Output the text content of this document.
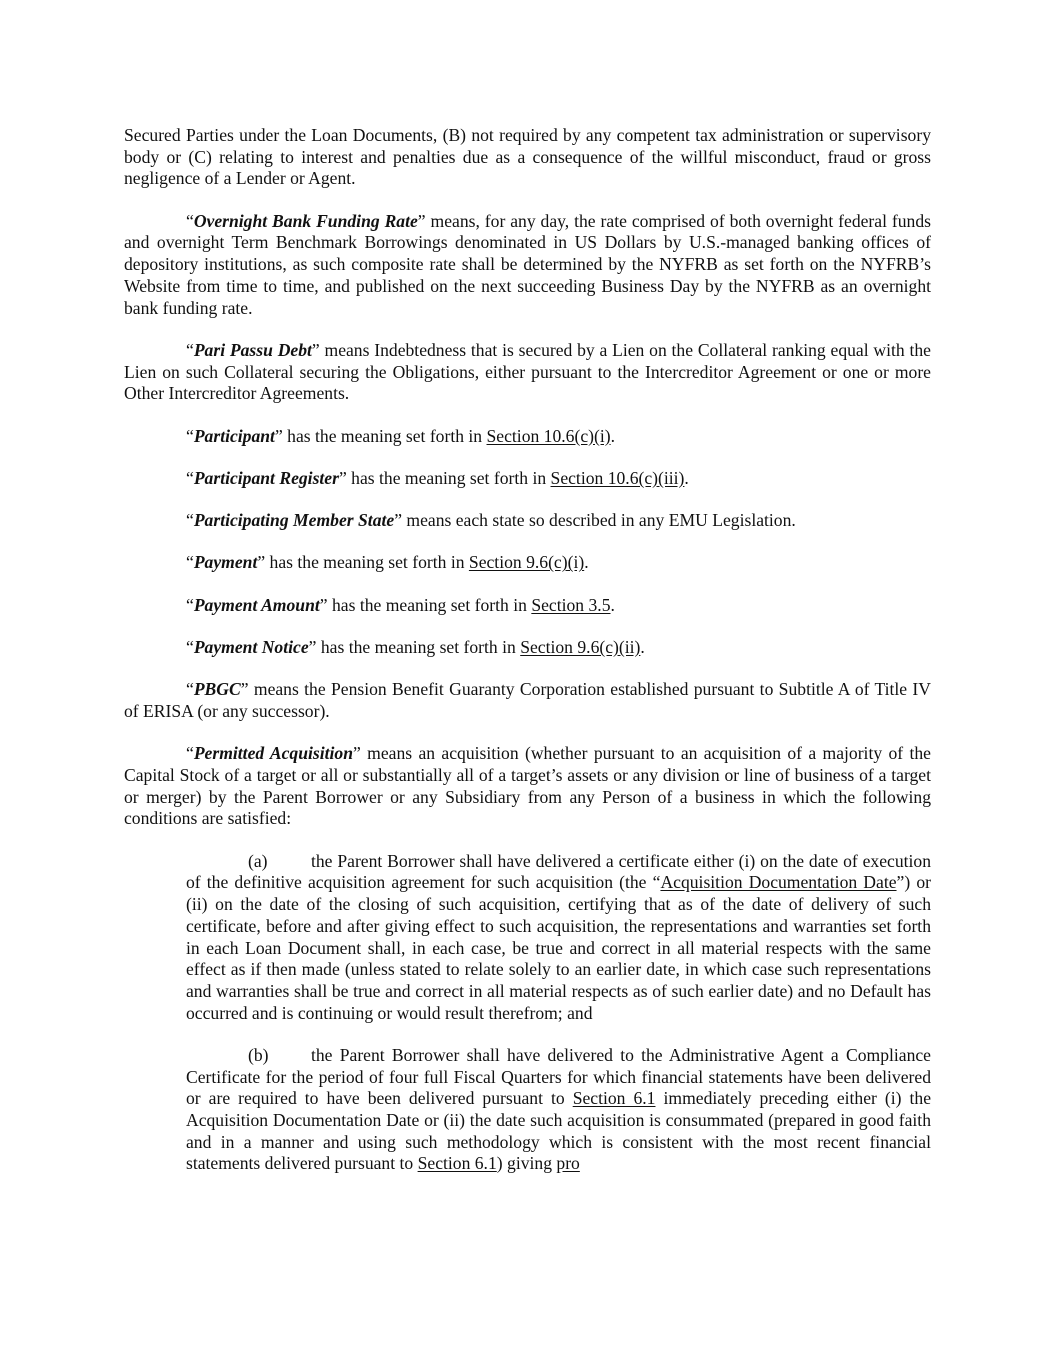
Secured Parties under the Loan Documents, (B) not required by any competent tax administration or supervisory body or (C) relating to interest and penalties due as a consequence of the willful misconduct, fraud or gross negligence of a Lender or Agent.

“Overnight Bank Funding Rate” means, for any day, the rate comprised of both overnight federal funds and overnight Term Benchmark Borrowings denominated in US Dollars by U.S.-managed banking offices of depository institutions, as such composite rate shall be determined by the NYFRB as set forth on the NYFRB’s Website from time to time, and published on the next succeeding Business Day by the NYFRB as an overnight bank funding rate.

“Pari Passu Debt” means Indebtedness that is secured by a Lien on the Collateral ranking equal with the Lien on such Collateral securing the Obligations, either pursuant to the Intercreditor Agreement or one or more Other Intercreditor Agreements.

“Participant” has the meaning set forth in Section 10.6(c)(i).

“Participant Register” has the meaning set forth in Section 10.6(c)(iii).

“Participating Member State” means each state so described in any EMU Legislation.

“Payment” has the meaning set forth in Section 9.6(c)(i).

“Payment Amount” has the meaning set forth in Section 3.5.

“Payment Notice” has the meaning set forth in Section 9.6(c)(ii).

“PBGC” means the Pension Benefit Guaranty Corporation established pursuant to Subtitle A of Title IV of ERISA (or any successor).

“Permitted Acquisition” means an acquisition (whether pursuant to an acquisition of a majority of the Capital Stock of a target or all or substantially all of a target’s assets or any division or line of business of a target or merger) by the Parent Borrower or any Subsidiary from any Person of a business in which the following conditions are satisfied:

(a) the Parent Borrower shall have delivered a certificate either (i) on the date of execution of the definitive acquisition agreement for such acquisition (the “Acquisition Documentation Date”) or (ii) on the date of the closing of such acquisition, certifying that as of the date of delivery of such certificate, before and after giving effect to such acquisition, the representations and warranties set forth in each Loan Document shall, in each case, be true and correct in all material respects with the same effect as if then made (unless stated to relate solely to an earlier date, in which case such representations and warranties shall be true and correct in all material respects as of such earlier date) and no Default has occurred and is continuing or would result therefrom; and

(b) the Parent Borrower shall have delivered to the Administrative Agent a Compliance Certificate for the period of four full Fiscal Quarters for which financial statements have been delivered or are required to have been delivered pursuant to Section 6.1 immediately preceding either (i) the Acquisition Documentation Date or (ii) the date such acquisition is consummated (prepared in good faith and in a manner and using such methodology which is consistent with the most recent financial statements delivered pursuant to Section 6.1) giving pro
